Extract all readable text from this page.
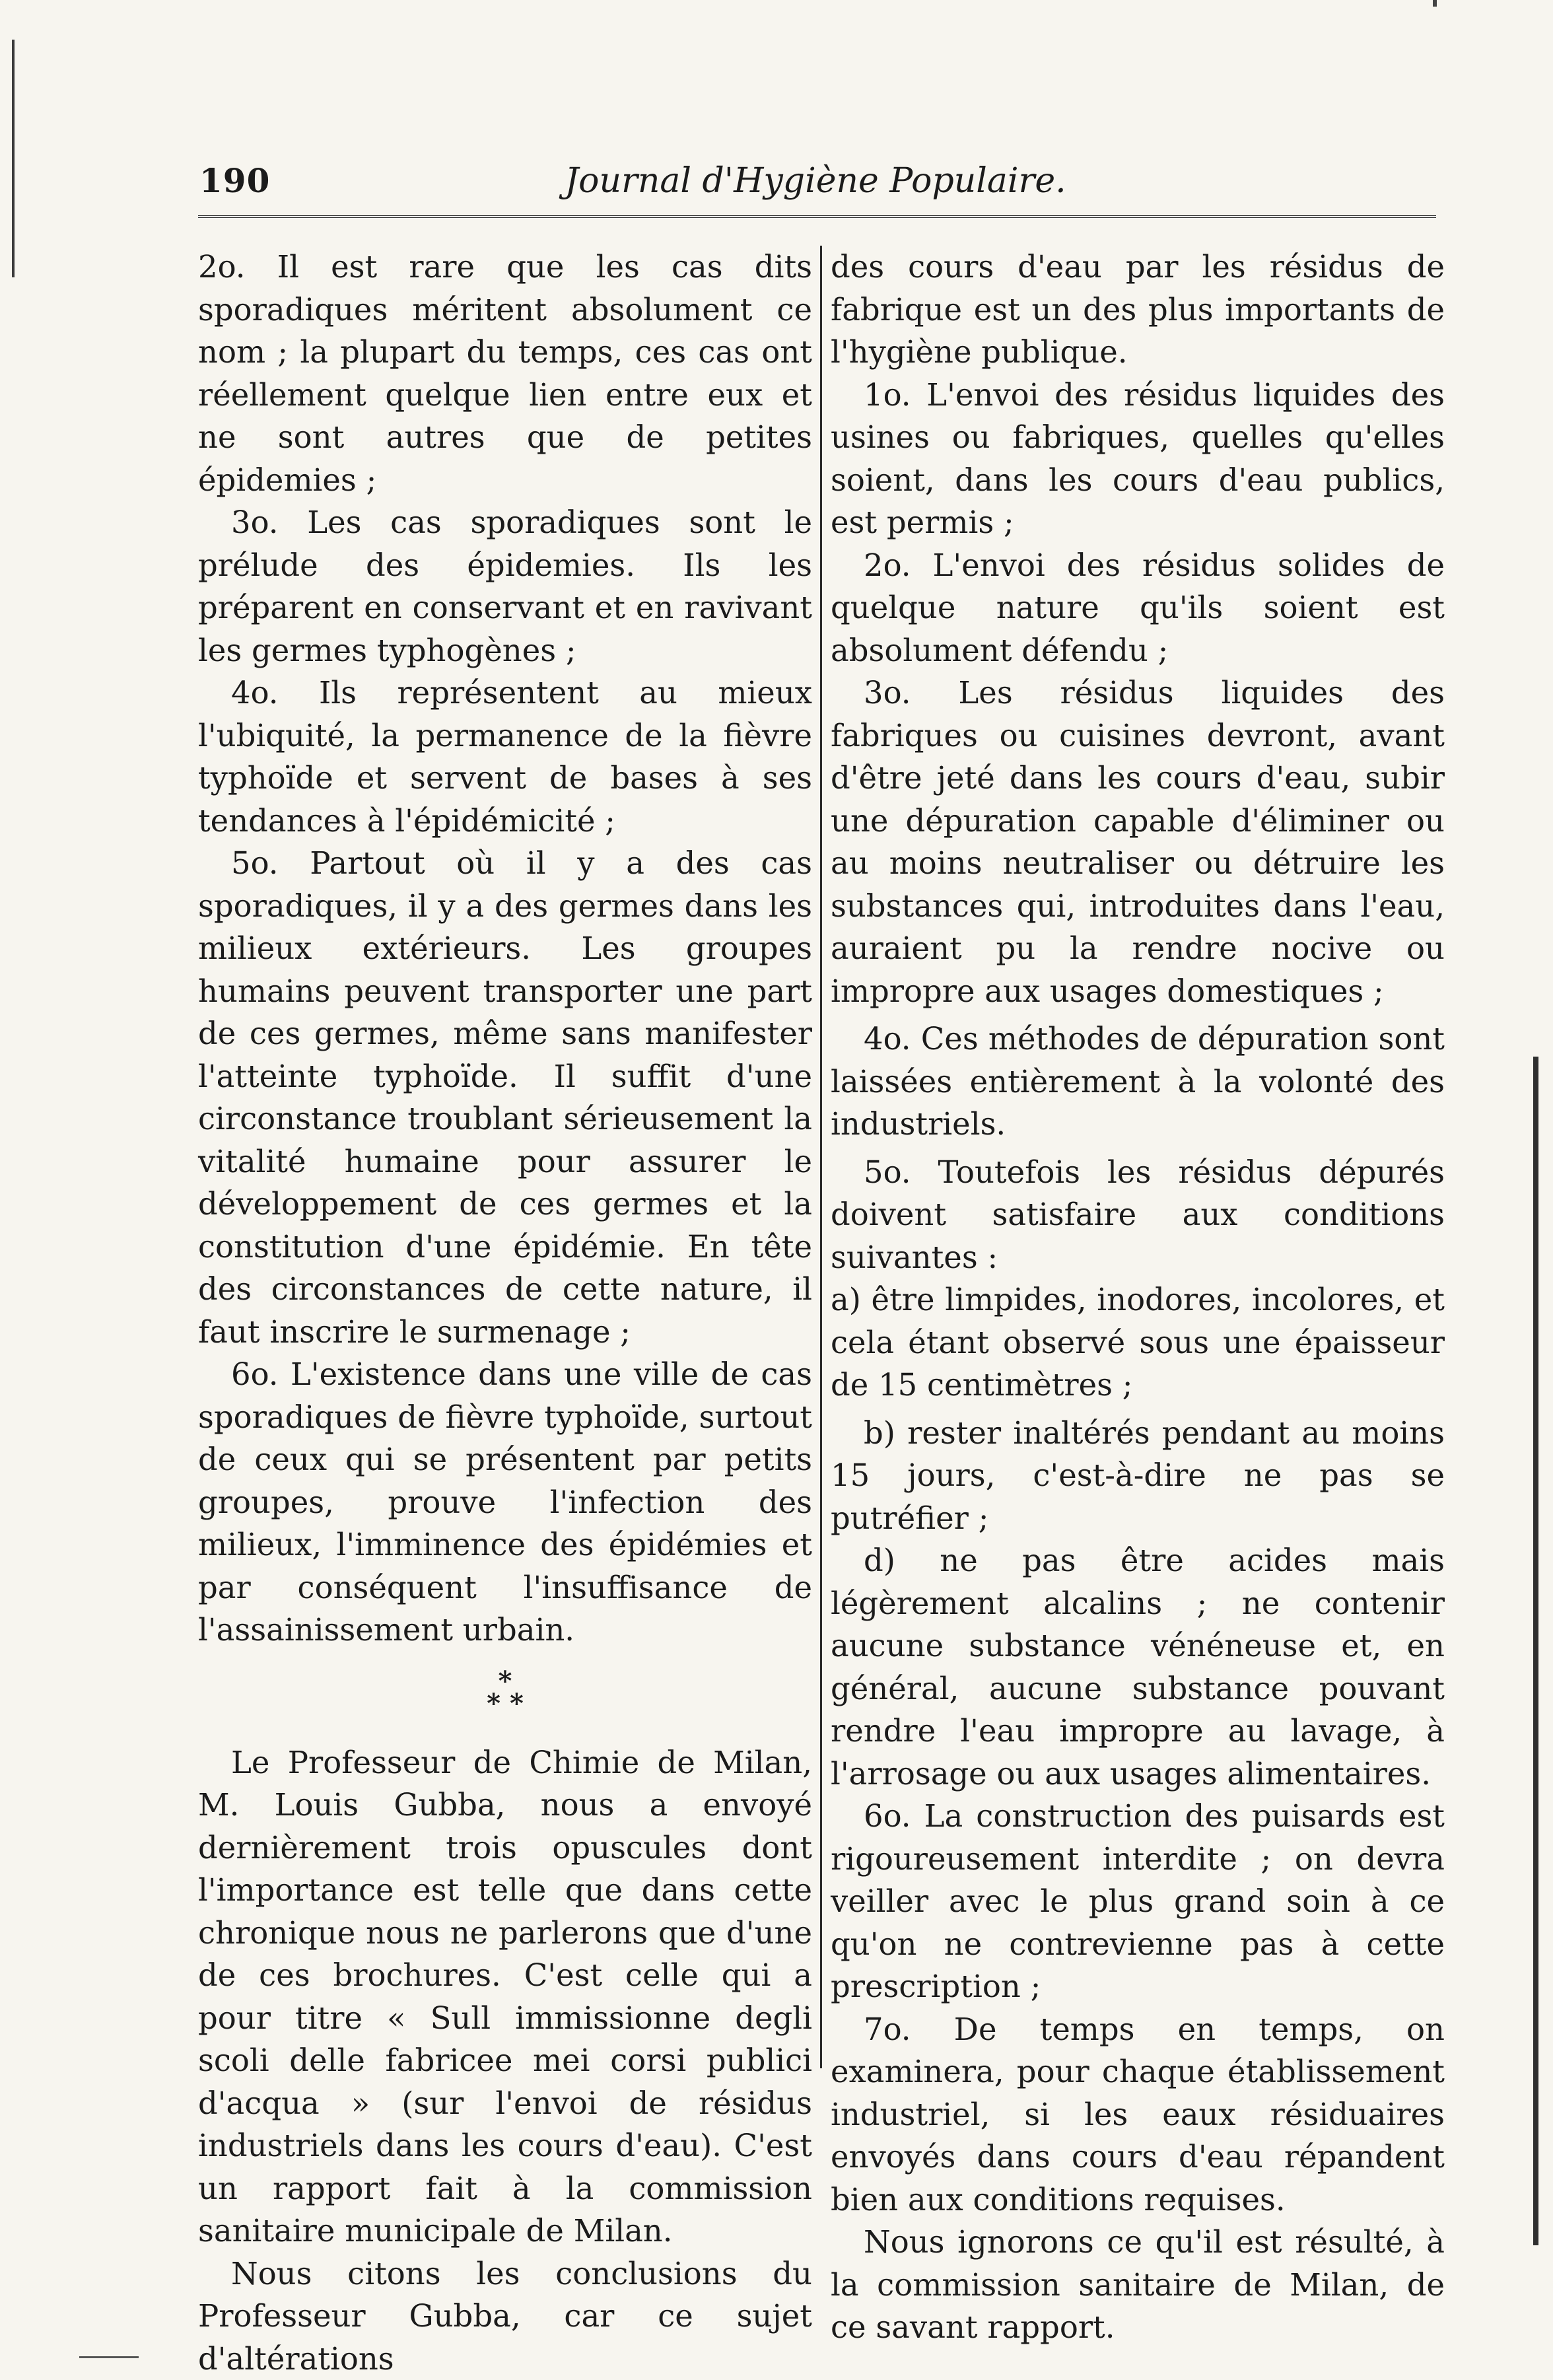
190	Journal d'Hygiène Populaire.

2o. Il est rare que les cas dits sporadiques méritent absolument ce nom ; la plupart du temps, ces cas ont réellement quelque lien entre eux et ne sont autres que de petites épidemies ;

3o. Les cas sporadiques sont le prélude des épidemies. Ils les préparent en conservant et en ravivant les germes typhogènes ;

4o. Ils représentent au mieux l'ubiquité, la permanence de la fièvre typhoïde et servent de bases à ses tendances à l'épidémicité ;

5o. Partout où il y a des cas sporadiques, il y a des germes dans les milieux extérieurs. Les groupes humains peuvent transporter une part de ces germes, même sans manifester l'atteinte typhoïde. Il suffit d'une circonstance troublant sérieusement la vitalité humaine pour assurer le développement de ces germes et la constitution d'une épidémie. En tête des circonstances de cette nature, il faut inscrire le surmenage ;

6o. L'existence dans une ville de cas sporadiques de fièvre typhoïde, surtout de ceux qui se présentent par petits groupes, prouve l'infection des milieux, l'imminence des épidémies et par conséquent l'insuffisance de l'assainissement urbain.

*
* *

Le Professeur de Chimie de Milan, M. Louis Gubba, nous a envoyé dernièrement trois opuscules dont l'importance est telle que dans cette chronique nous ne parlerons que d'une de ces brochures. C'est celle qui a pour titre « Sull immissionne degli scoli delle fabricee mei corsi publici d'acqua » (sur l'envoi de résidus industriels dans les cours d'eau). C'est un rapport fait à la commission sanitaire municipale de Milan.

Nous citons les conclusions du Professeur Gubba, car ce sujet d'altérations

des cours d'eau par les résidus de fabrique est un des plus importants de l'hygiène publique.

1o. L'envoi des résidus liquides des usines ou fabriques, quelles qu'elles soient, dans les cours d'eau publics, est permis ;

2o. L'envoi des résidus solides de quelque nature qu'ils soient est absolument défendu ;

3o. Les résidus liquides des fabriques ou cuisines devront, avant d'être jeté dans les cours d'eau, subir une dépuration capable d'éliminer ou au moins neutraliser ou détruire les substances qui, introduites dans l'eau, auraient pu la rendre nocive ou impropre aux usages domestiques ;

4o. Ces méthodes de dépuration sont laissées entièrement à la volonté des industriels.

5o. Toutefois les résidus dépurés doivent satisfaire aux conditions suivantes :

a) être limpides, inodores, incolores, et cela étant observé sous une épaisseur de 15 centimètres ;

b) rester inaltérés pendant au moins 15 jours, c'est-à-dire ne pas se putréfier ;

d) ne pas être acides mais légèrement alcalins ; ne contenir aucune substance vénéneuse et, en général, aucune substance pouvant rendre l'eau impropre au lavage, à l'arrosage ou aux usages alimentaires.

6o. La construction des puisards est rigoureusement interdite ; on devra veiller avec le plus grand soin à ce qu'on ne contrevienne pas à cette prescription ;

7o. De temps en temps, on examinera, pour chaque établissement industriel, si les eaux résiduaires envoyés dans cours d'eau répandent bien aux conditions requises.

Nous ignorons ce qu'il est résulté, à la commission sanitaire de Milan, de ce savant rapport.
